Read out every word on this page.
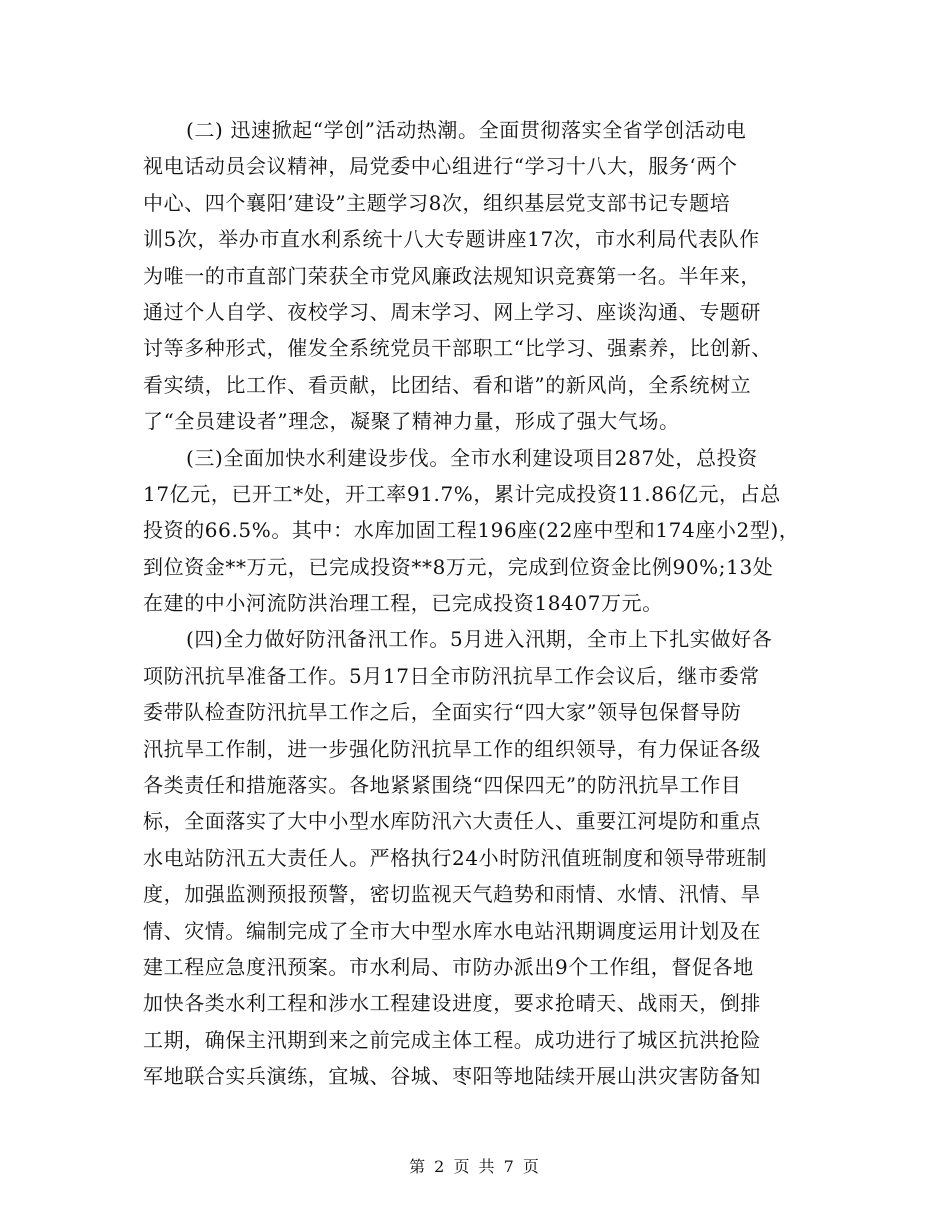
(二) 迅速掀起“学创”活动热潮。全面贯彻落实全省学创活动电
视电话动员会议精神，局党委中心组进行“学习十八大，服务‘两个
中心、四个襄阳’建设”主题学习8次，组织基层党支部书记专题培
训5次，举办市直水利系统十八大专题讲座17次，市水利局代表队作
为唯一的市直部门荣获全市党风廉政法规知识竞赛第一名。半年来，
通过个人自学、夜校学习、周末学习、网上学习、座谈沟通、专题研
讨等多种形式，催发全系统党员干部职工“比学习、强素养，比创新、
看实绩，比工作、看贡献，比团结、看和谐”的新风尚，全系统树立
了“全员建设者”理念，凝聚了精神力量，形成了强大气场。
(三)全面加快水利建设步伐。全市水利建设项目287处，总投资
17亿元，已开工*处，开工率91.7%，累计完成投资11.86亿元，占总
投资的66.5%。其中：水库加固工程196座(22座中型和174座小2型)，
到位资金**万元，已完成投资**8万元，完成到位资金比例90%;13处
在建的中小河流防洪治理工程，已完成投资18407万元。
(四)全力做好防汛备汛工作。5月进入汛期，全市上下扎实做好各
项防汛抗旱准备工作。5月17日全市防汛抗旱工作会议后，继市委常
委带队检查防汛抗旱工作之后，全面实行“四大家”领导包保督导防
汛抗旱工作制，进一步强化防汛抗旱工作的组织领导，有力保证各级
各类责任和措施落实。各地紧紧围绕“四保四无”的防汛抗旱工作目
标，全面落实了大中小型水库防汛六大责任人、重要江河堤防和重点
水电站防汛五大责任人。严格执行24小时防汛值班制度和领导带班制
度，加强监测预报预警，密切监视天气趋势和雨情、水情、汛情、旱
情、灾情。编制完成了全市大中型水库水电站汛期调度运用计划及在
建工程应急度汛预案。市水利局、市防办派出9个工作组，督促各地
加快各类水利工程和涉水工程建设进度，要求抢晴天、战雨天，倒排
工期，确保主汛期到来之前完成主体工程。成功进行了城区抗洪抢险
军地联合实兵演练，宜城、谷城、枣阳等地陆续开展山洪灾害防备知
第 2 页 共 7 页
